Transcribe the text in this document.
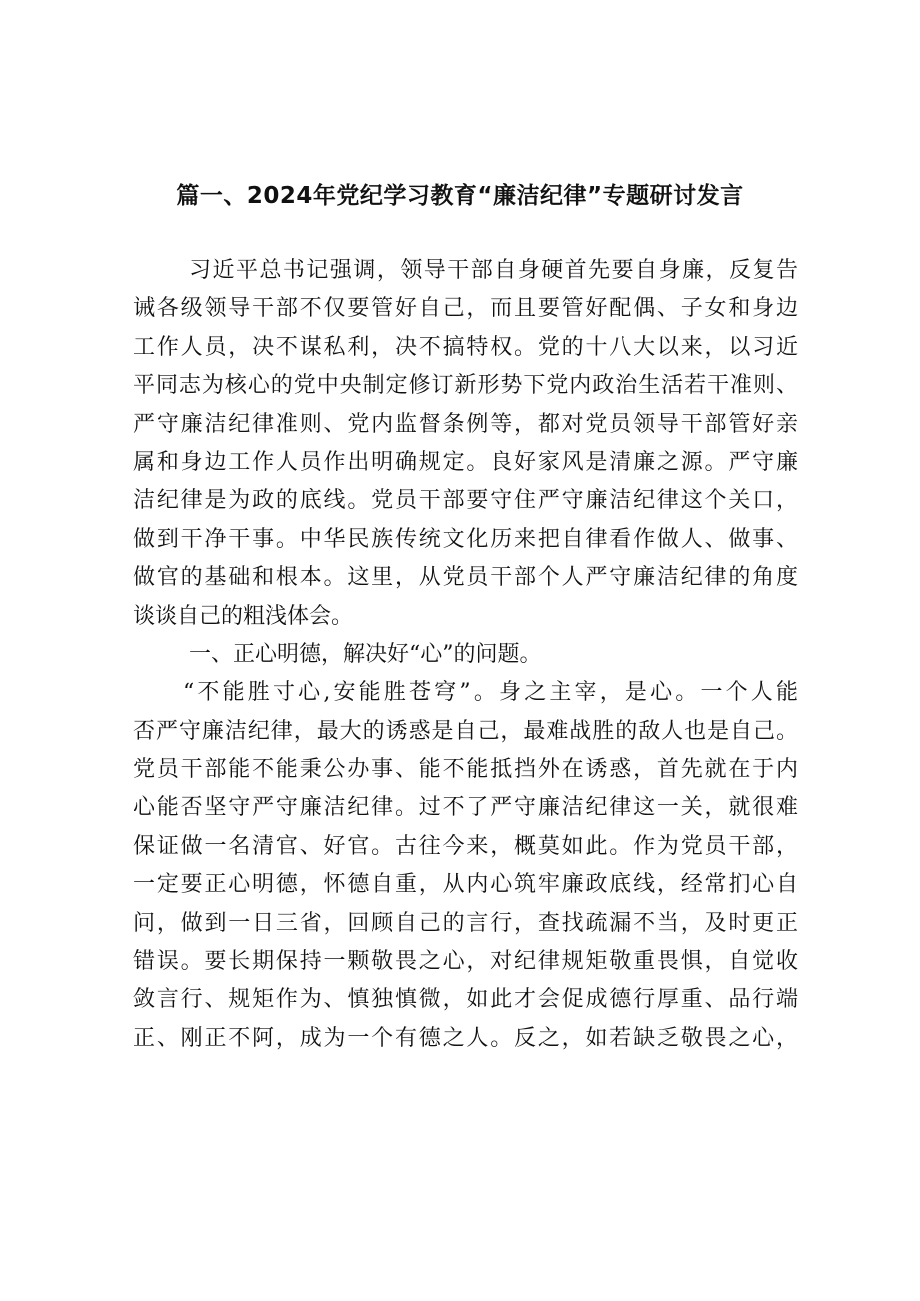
篇一、2024年党纪学习教育“廉洁纪律”专题研讨发言
习近平总书记强调，领导干部自身硬首先要自身廉，反复告
诫各级领导干部不仅要管好自己，而且要管好配偶、子女和身边
工作人员，决不谋私利，决不搞特权。党的十八大以来，以习近
平同志为核心的党中央制定修订新形势下党内政治生活若干准则、
严守廉洁纪律准则、党内监督条例等，都对党员领导干部管好亲
属和身边工作人员作出明确规定。良好家风是清廉之源。严守廉
洁纪律是为政的底线。党员干部要守住严守廉洁纪律这个关口，
做到干净干事。中华民族传统文化历来把自律看作做人、做事、
做官的基础和根本。这里，从党员干部个人严守廉洁纪律的角度
谈谈自己的粗浅体会。
一、正心明德，解决好“心”的问题。
“不能胜寸心,安能胜苍穹”。身之主宰，是心。一个人能
否严守廉洁纪律，最大的诱惑是自己，最难战胜的敌人也是自己。
党员干部能不能秉公办事、能不能抵挡外在诱惑，首先就在于内
心能否坚守严守廉洁纪律。过不了严守廉洁纪律这一关，就很难
保证做一名清官、好官。古往今来，概莫如此。作为党员干部，
一定要正心明德，怀德自重，从内心筑牢廉政底线，经常扪心自
问，做到一日三省，回顾自己的言行，查找疏漏不当，及时更正
错误。要长期保持一颗敬畏之心，对纪律规矩敬重畏惧，自觉收
敛言行、规矩作为、慎独慎微，如此才会促成德行厚重、品行端
正、刚正不阿，成为一个有德之人。反之，如若缺乏敬畏之心，
